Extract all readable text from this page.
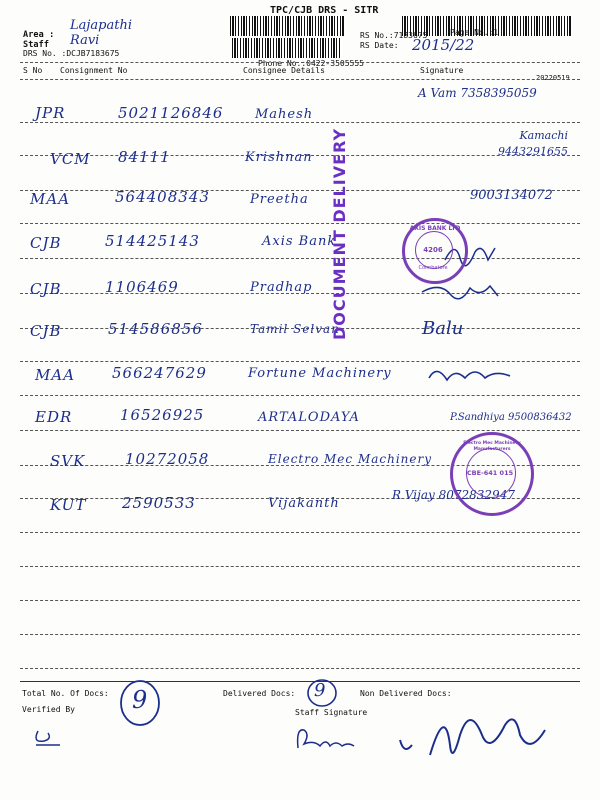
TPC/CJB DRS - SITR
Phone No.:0422-3505555
Area :
Lajapathi
Staff Ravi
DRS No. :DCJB7183675
RS No.:7183675
RS Date: 2015/22
Page No.:1
S No Consignment No	Consignee Details	Signature
20220519
JPR	5021126846 Mahesh
A Vam 7358395059
VCM 84111	Krishnan
Kamachi 9443291655
MAA	564408343	Preetha	9003134072
CJB	514425143	Axis Bank
CJB	1106469	Pradhap
CJB	514586856	Tamil Selvan	Balu
MAA 566247629	Fortune Machinery
EDR	16526925	ARTALODAYA	P.Sandhiya 9500836432
SVK	10272058	Electro Mec Machinery
KUT 2590533	Vijakanth
R Vijay 8072832947
DOCUMENT DELIVERY	AXIS BANK LTD
4206
Coimbatore
Electro Mec Machinery Manufacturers
CBE-641 015
Total No. Of Docs: 9	Delivered Docs: 9	Non Delivered Docs:
Verified By	Staff Signature
